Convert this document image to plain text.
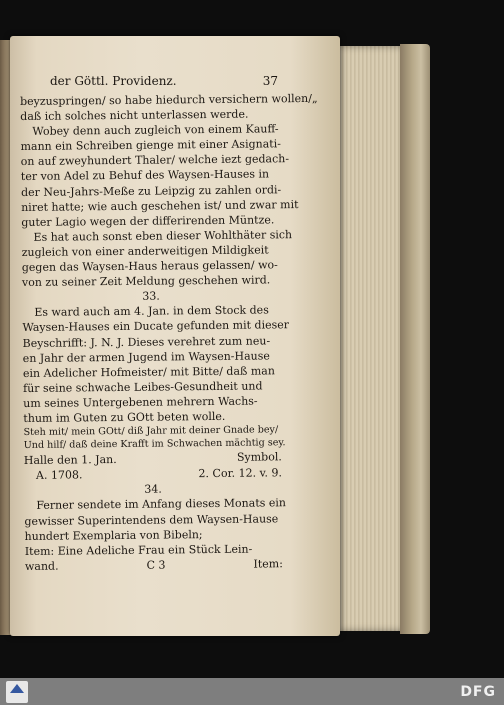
der Göttl. Providenz.	37
beyzuspringen/ so habe hiedurch versichern wollen/„
daß ich solches nicht unterlassen werde.
Wobey denn auch zugleich von einem Kauff-
mann ein Schreiben gienge mit einer Asignati-
on auf zweyhundert Thaler/ welche iezt gedach-
ter von Adel zu Behuf des Waysen-Hauses in
der Neu-Jahrs-Meße zu Leipzig zu zahlen ordi-
niret hatte; wie auch geschehen ist/ und zwar mit
guter Lagio wegen der differirenden Müntze.
Es hat auch sonst eben dieser Wohlthäter sich
zugleich von einer anderweitigen Mildigkeit
gegen das Waysen-Haus heraus gelassen/ wo-
von zu seiner Zeit Meldung geschehen wird.
33.
Es ward auch am 4. Jan. in dem Stock des
Waysen-Hauses ein Ducate gefunden mit dieser
Beyschrifft: J. N. J. Dieses verehret zum neu-
en Jahr der armen Jugend im Waysen-Hause
ein Adelicher Hofmeister/ mit Bitte/ daß man
für seine schwache Leibes-Gesundheit und
um seines Untergebenen mehrern Wachs-
thum im Guten zu GOtt beten wolle.
Steh mit/ mein GOtt/ diß Jahr mit deiner Gnade bey/
Und hilf/ daß deine Krafft im Schwachen mächtig sey.
Symbol.
Halle den 1. Jan.
A. 1708.	2. Cor. 12. v. 9.
34.
Ferner sendete im Anfang dieses Monats ein
gewisser Superintendens dem Waysen-Hause
hundert Exemplaria von Bibeln;
Item: Eine Adeliche Frau ein Stück Lein-
wand.	C 3	Item:
DFG
